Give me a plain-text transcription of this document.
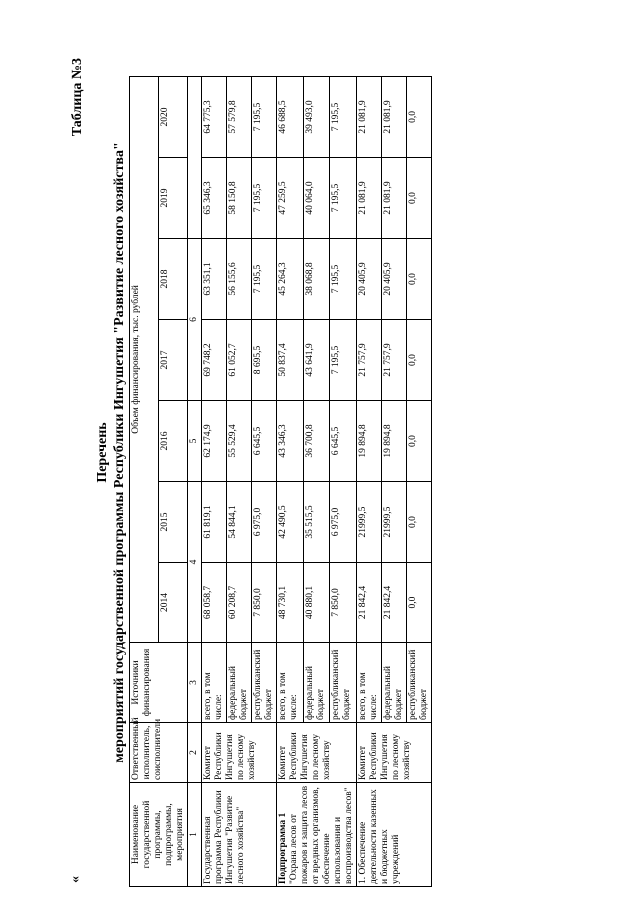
«
Таблица №3
Перечень мероприятий государственной программы Республики Ингушетия "Развитие лесного хозяйства"
Наименование государственной программы, подпрограммы, мероприятия	Ответственный исполнитель, соисполнители	Источники финансирования	Объем финансирования, тыс. рублей						
			2014	2015	2016	2017	2018	2019	2020
1	2	3	4		5	6			
Государственная программа Республики Ингушетия "Развитие лесного хозяйства"	Комитет Республики Ингушетия по лесному хозяйству	всего, в том числе:	68 058,7	61 819,1	62 174,9	69 748,2	63 351,1	65 346,3	64 775,3
		федеральный бюджет	60 208,7	54 844,1	55 529,4	61 052,7	56 155,6	58 150,8	57 579,8
		республиканский бюджет	7 850,0	6 975,0	6 645,5	8 695,5	7 195,5	7 195,5	7 195,5
Подпрограмма 1 "Охрана лесов от пожаров и защита лесов от вредных организмов, обеспечение использования и воспроизводства лесов"	Комитет Республики Ингушетия по лесному хозяйству	всего, в том числе:	48 730,1	42 490,5	43 346,3	50 837,4	45 264,3	47 259,5	46 688,5
		федеральный бюджет	40 880,1	35 515,5	36 700,8	43 641,9	38 068,8	40 064,0	39 493,0
		республиканский бюджет	7 850,0	6 975,0	6 645,5	7 195,5	7 195,5	7 195,5	7 195,5
1. Обеспечение деятельности казенных и бюджетных учреждений	Комитет Республики Ингушетия по лесному хозяйству	всего, в том числе:	21 842,4	21999,5	19 894,8	21 757,9	20 405,9	21 081,9	21 081,9
		федеральный бюджет	21 842,4	21999,5	19 894,8	21 757,9	20 405,9	21 081,9	21 081,9
		республиканский бюджет	0,0	0,0	0,0	0,0	0,0	0,0	0,0
